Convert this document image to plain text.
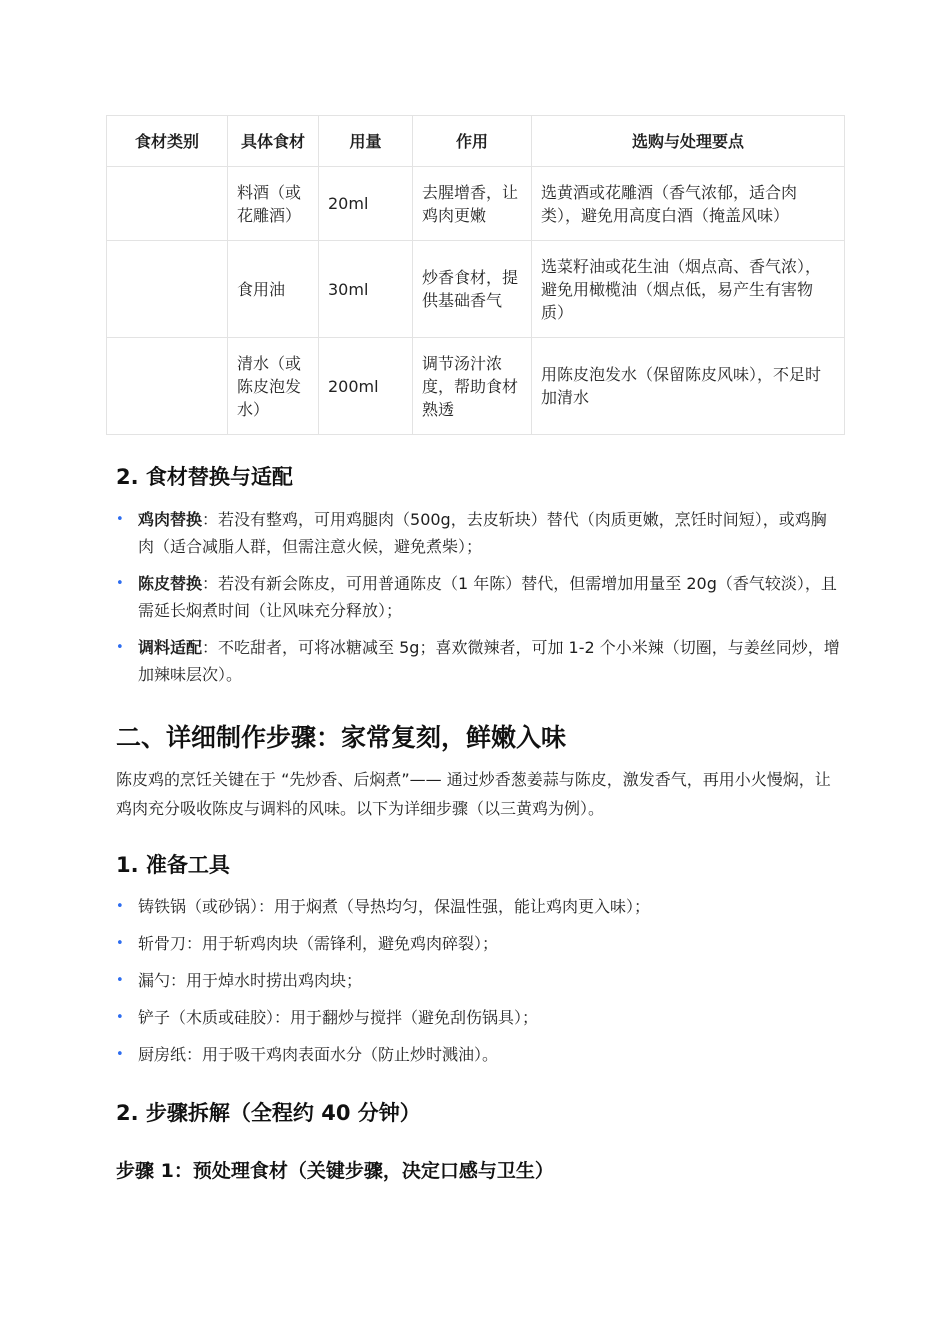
食材类别	具体食材	用量	作用	选购与处理要点
	料酒（或花雕酒）	20ml	去腥增香，让鸡肉更嫩	选黄酒或花雕酒（香气浓郁，适合肉类），避免用高度白酒（掩盖风味）
	食用油	30ml	炒香食材，提供基础香气	选菜籽油或花生油（烟点高、香气浓），避免用橄榄油（烟点低，易产生有害物质）
	清水（或陈皮泡发水）	200ml	调节汤汁浓度，帮助食材熟透	用陈皮泡发水（保留陈皮风味），不足时加清水
2. 食材替换与适配
• 鸡肉替换：若没有整鸡，可用鸡腿肉（500g，去皮斩块）替代（肉质更嫩，烹饪时间短），或鸡胸肉（适合减脂人群，但需注意火候，避免煮柴）；
• 陈皮替换：若没有新会陈皮，可用普通陈皮（1 年陈）替代，但需增加用量至 20g（香气较淡），且需延长焖煮时间（让风味充分释放）；
• 调料适配：不吃甜者，可将冰糖减至 5g；喜欢微辣者，可加 1-2 个小米辣（切圈，与姜丝同炒，增加辣味层次）。
二、详细制作步骤：家常复刻，鲜嫩入味

陈皮鸡的烹饪关键在于 “先炒香、后焖煮”—— 通过炒香葱姜蒜与陈皮，激发香气，再用小火慢焖，让鸡肉充分吸收陈皮与调料的风味。以下为详细步骤（以三黄鸡为例）。

1. 准备工具
• 铸铁锅（或砂锅）：用于焖煮（导热均匀，保温性强，能让鸡肉更入味）；
• 斩骨刀：用于斩鸡肉块（需锋利，避免鸡肉碎裂）；
• 漏勺：用于焯水时捞出鸡肉块；
• 铲子（木质或硅胶）：用于翻炒与搅拌（避免刮伤锅具）；
• 厨房纸：用于吸干鸡肉表面水分（防止炒时溅油）。
2. 步骤拆解（全程约 40 分钟）
步骤 1：预处理食材（关键步骤，决定口感与卫生）
